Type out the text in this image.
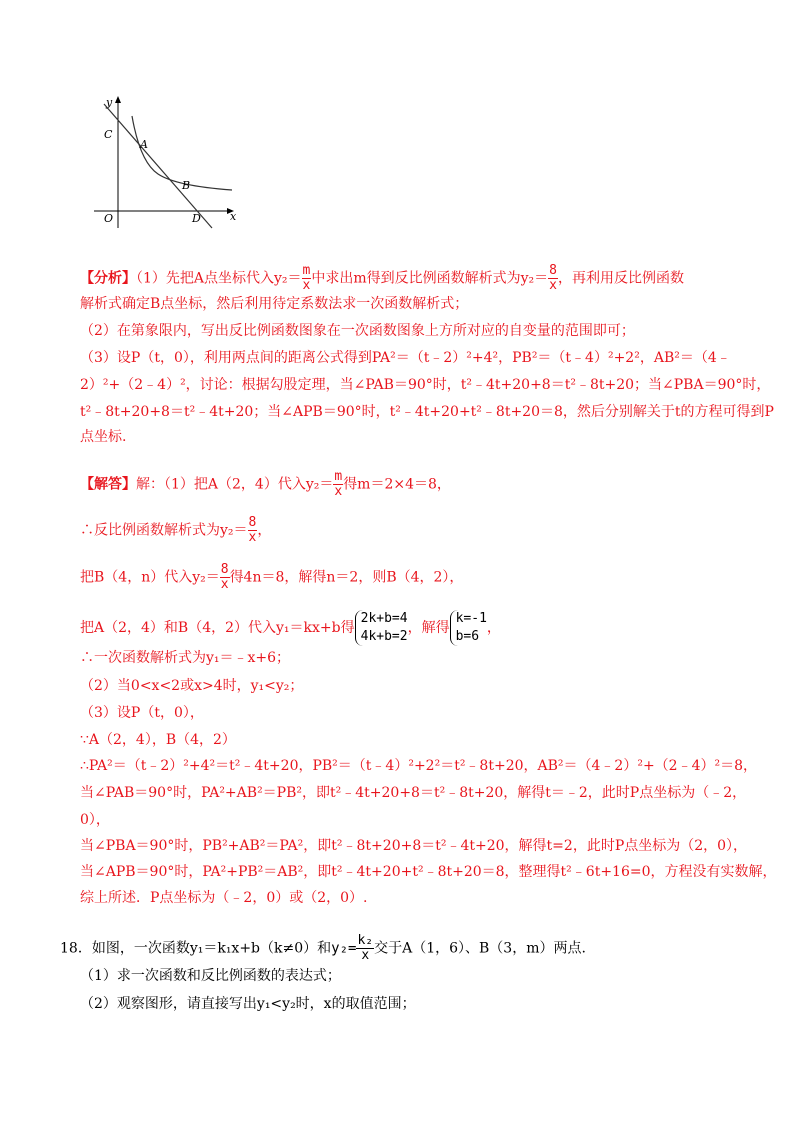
y
x
C
A
B
O	D
【分析】（1）先把A点坐标代入$y_2= \frac{m}{x}$ 中求出m得到反比例函数解析式为$y_2= \frac{8}{x}$ ，再利用反比例函数
解析式确定B点坐标，然后利用待定系数法求一次函数解析式；
（2）在第象限内，写出反比例函数图象在一次函数图象上方所对应的自变量的范围即可；
（3）设P（t，0），利用两点间的距离公式得到PA²＝（t﹣2）²+4²，PB²＝（t﹣4）²+2²，AB²＝（4﹣
2）²+（2﹣4）²，讨论：根据勾股定理，当∠PAB＝90°时，t²﹣4t+20+8＝t²﹣8t+20；当∠PBA＝90°时，
t²﹣8t+20+8＝t²﹣4t+20；当∠APB＝90°时，t²﹣4t+20+t²﹣8t+20＝8，然后分别解关于t的方程可得到P
点坐标.
【解答】解：（1）把A（2，4）代入$y_2= \frac{m}{x}$ 得m＝2×4＝8，
∴反比例函数解析式为$y_2= \frac{8}{x}$ ，
把B（4，n）代入$y_2= \frac{8}{x}$ 得4n＝8，解得n＝2，则B（4，2），
把A（2，4）和B（4，2）代入y₁＝kx+b得
2k+b=4
4k+b=2
，解得
k=-1
b=6
，
∴一次函数解析式为y₁＝﹣x+6；
（2）当0<x<2或x>4时，y₁<y₂；
（3）设P（t，0），
∵A（2，4），B（4，2）
∴PA²＝（t﹣2）²+4²＝t²﹣4t+20，PB²＝（t﹣4）²+2²＝t²﹣8t+20，AB²＝（4﹣2）²+（2﹣4）²＝8，
当∠PAB＝90°时，PA²+AB²＝PB²，即t²﹣4t+20+8＝t²﹣8t+20，解得t＝﹣2，此时P点坐标为（﹣2，
0），
当∠PBA＝90°时，PB²+AB²＝PA²，即t²﹣8t+20+8＝t²﹣4t+20，解得t=2，此时P点坐标为（2，0），
当∠APB＝90°时，PA²+PB²＝AB²，即t²﹣4t+20+t²﹣8t+20＝8，整理得t²﹣6t+16=0，方程没有实数解，
综上所述．P点坐标为（﹣2，0）或（2，0）.
18．如图，一次函数y₁＝k₁x+b（k≠0）和$y_2= \frac{\text{k₂}}{x}$ 交于A（1，6）、B（3，m）两点.
（1）求一次函数和反比例函数的表达式；
（2）观察图形，请直接写出y₁<y₂时，x的取值范围；
